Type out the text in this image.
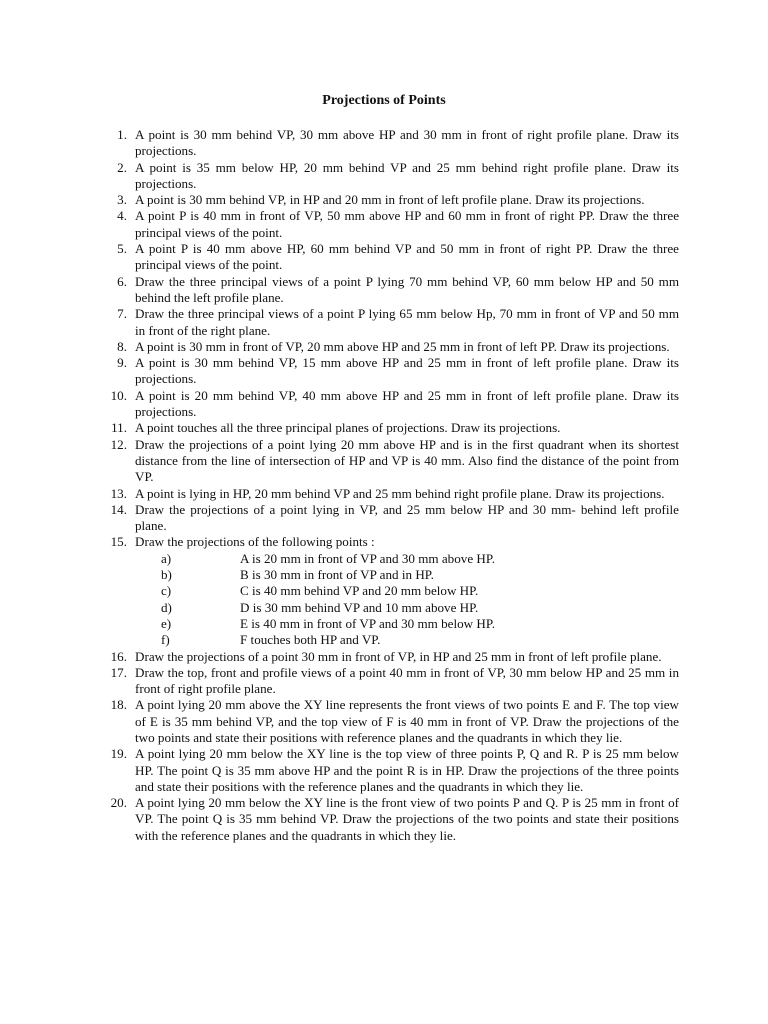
Projections of Points
1. A point is 30 mm behind VP, 30 mm above HP and 30 mm in front of right profile plane. Draw its projections.
2. A point is 35 mm below HP, 20 mm behind VP and 25 mm behind right profile plane. Draw its projections.
3. A point is 30 mm behind VP, in HP and 20 mm in front of left profile plane. Draw its projections.
4. A point P is 40 mm in front of VP, 50 mm above HP and 60 mm in front of right PP. Draw the three principal views of the point.
5. A point P is 40 mm above HP, 60 mm behind VP and 50 mm in front of right PP. Draw the three principal views of the point.
6. Draw the three principal views of a point P lying 70 mm behind VP, 60 mm below HP and 50 mm behind the left profile plane.
7. Draw the three principal views of a point P lying 65 mm below Hp, 70 mm in front of VP and 50 mm in front of the right plane.
8. A point is 30 mm in front of VP, 20 mm above HP and 25 mm in front of left PP. Draw its projections.
9. A point is 30 mm behind VP, 15 mm above HP and 25 mm in front of left profile plane. Draw its projections.
10. A point is 20 mm behind VP, 40 mm above HP and 25 mm in front of left profile plane. Draw its projections.
11. A point touches all the three principal planes of projections. Draw its projections.
12. Draw the projections of a point lying 20 mm above HP and is in the first quadrant when its shortest distance from the line of intersection of HP and VP is 40 mm. Also find the distance of the point from VP.
13. A point is lying in HP, 20 mm behind VP and 25 mm behind right profile plane. Draw its projections.
14. Draw the projections of a point lying in VP, and 25 mm below HP and 30 mm- behind left profile plane.
15. Draw the projections of the following points :
a)	A is 20 mm in front of VP and 30 mm above HP.
b)	B is 30 mm in front of VP and in HP.
c)	C is 40 mm behind VP and 20 mm below HP.
d)	D is 30 mm behind VP and 10 mm above HP.
e)	E is 40 mm in front of VP and 30 mm below HP.
f)	F touches both HP and VP.
16. Draw the projections of a point 30 mm in front of VP, in HP and 25 mm in front of left profile plane.
17. Draw the top, front and profile views of a point 40 mm in front of VP, 30 mm below HP and 25 mm in front of right profile plane.
18. A point lying 20 mm above the XY line represents the front views of two points E and F. The top view of E is 35 mm behind VP, and the top view of F is 40 mm in front of VP. Draw the projections of the two points and state their positions with reference planes and the quadrants in which they lie.
19. A point lying 20 mm below the XY line is the top view of three points P, Q and R. P is 25 mm below HP. The point Q is 35 mm above HP and the point R is in HP. Draw the projections of the three points and state their positions with the reference planes and the quadrants in which they lie.
20. A point lying 20 mm below the XY line is the front view of two points P and Q. P is 25 mm in front of VP. The point Q is 35 mm behind VP. Draw the projections of the two points and state their positions with the reference planes and the quadrants in which they lie.
